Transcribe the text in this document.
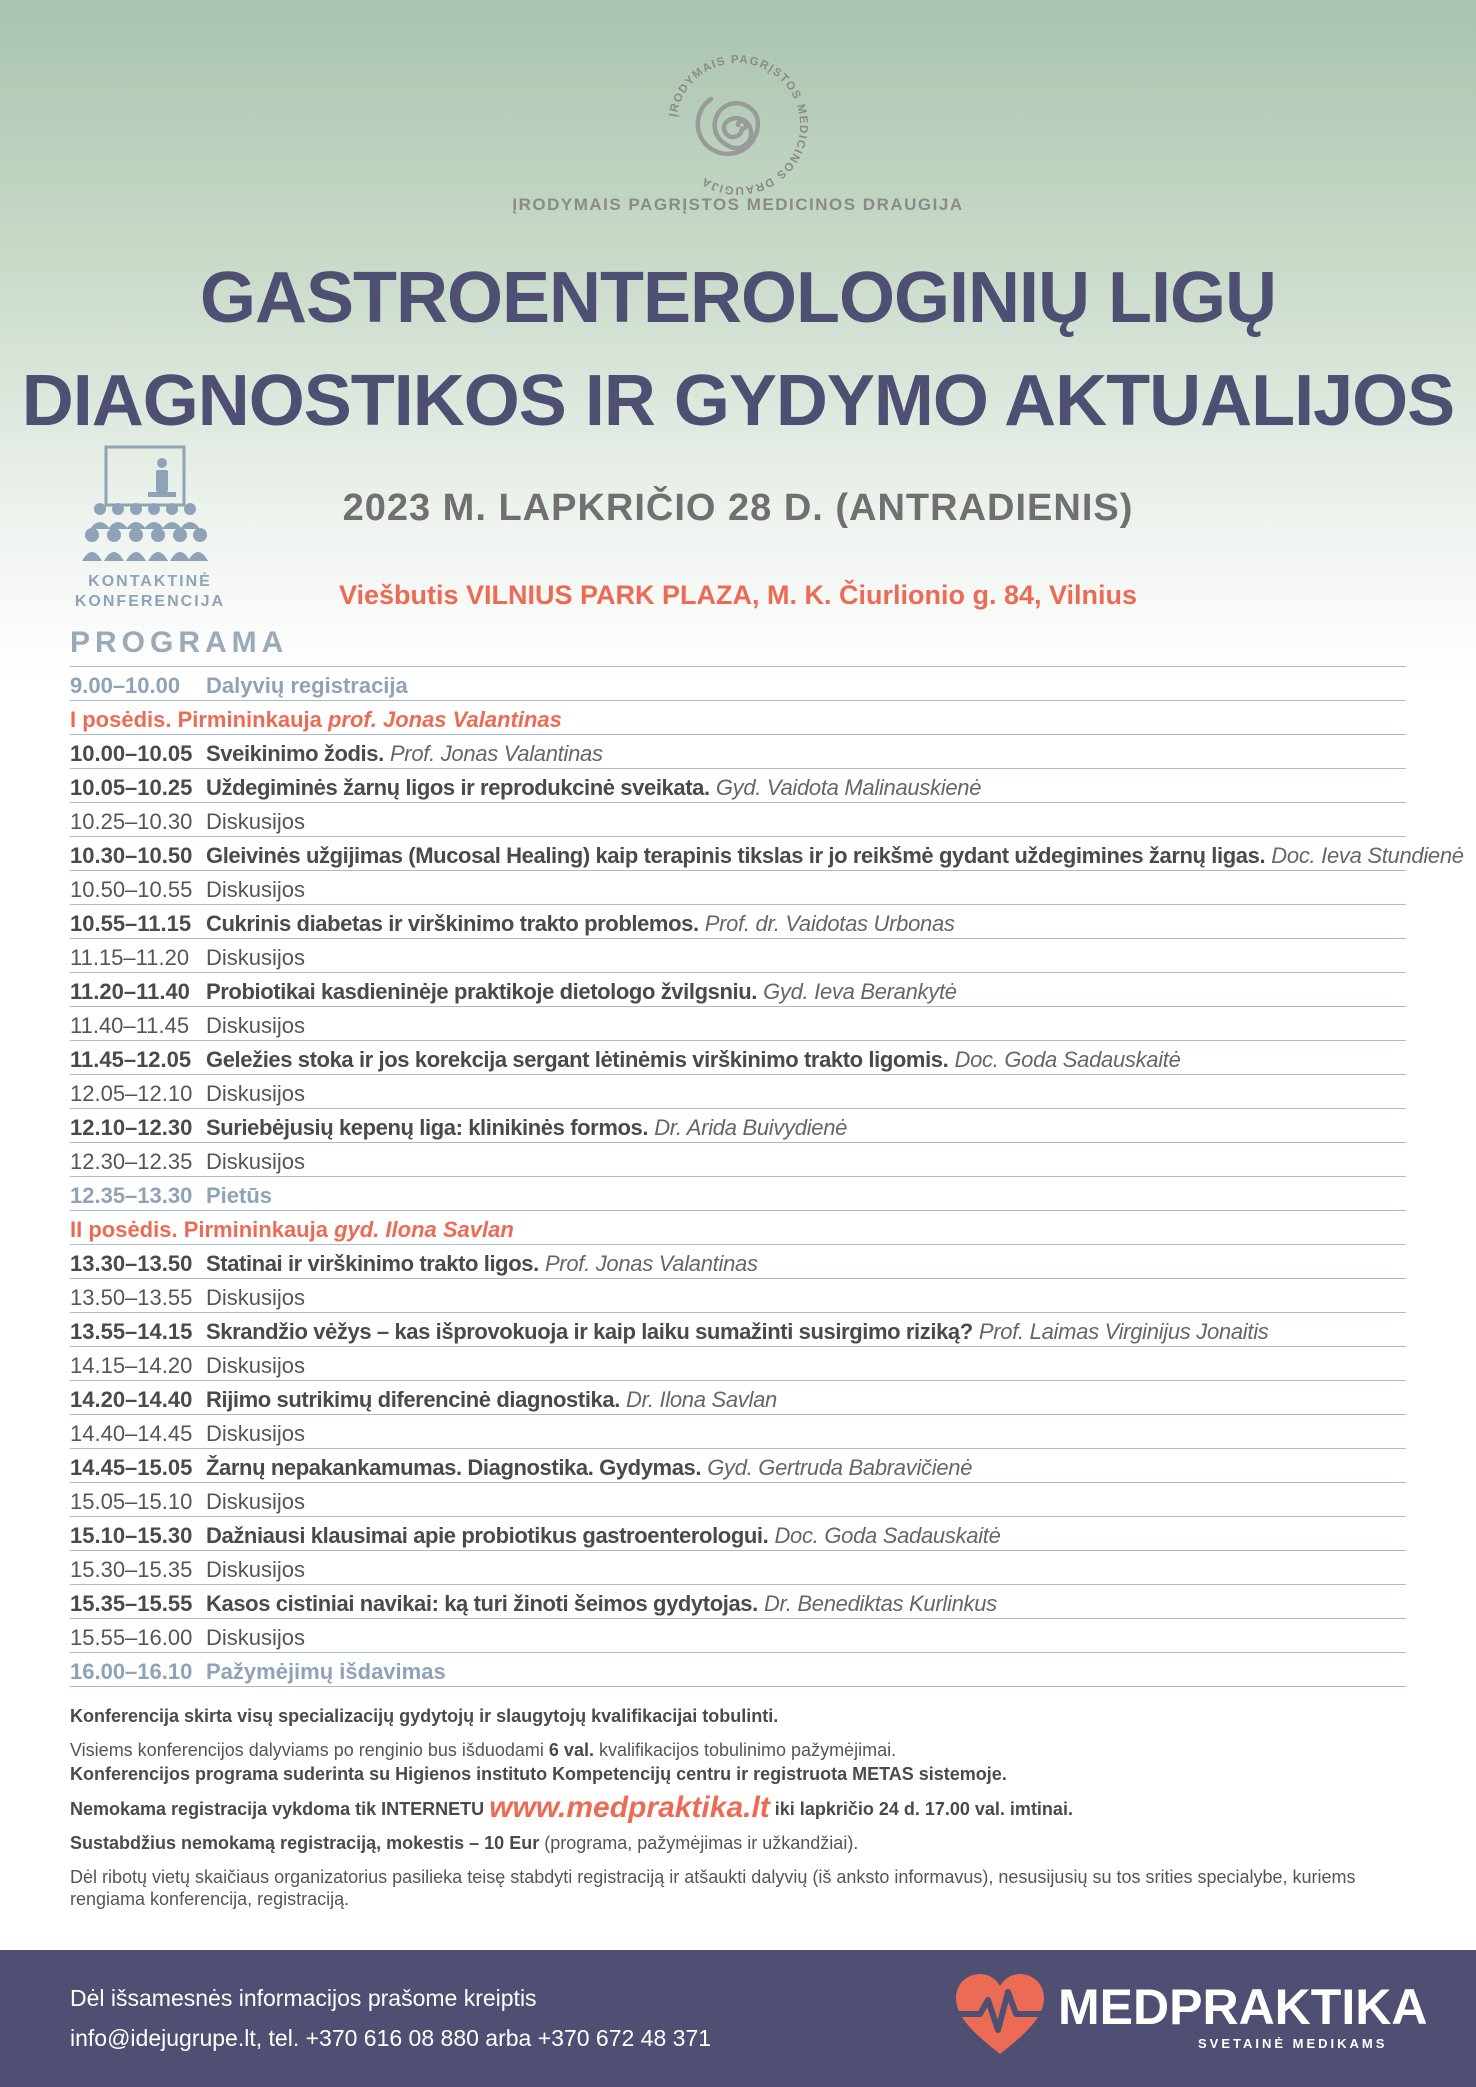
ĮRODYMAIS PAGRĮSTOS MEDICINOS DRAUGIJA
ĮRODYMAIS PAGRĮSTOS MEDICINOS DRAUGIJA
GASTROENTEROLOGINIŲ LIGŲ
DIAGNOSTIKOS IR GYDYMO AKTUALIJOS
2023 M. LAPKRIČIO 28 D. (ANTRADIENIS)
Viešbutis VILNIUS PARK PLAZA, M. K. Čiurlionio g. 84, Vilnius
KONTAKTINĖ
KONFERENCIJA
PROGRAMA
9.00–10.00	Dalyvių registracija
I posėdis. Pirmininkauja prof. Jonas Valantinas
10.00–10.05 Sveikinimo žodis. Prof. Jonas Valantinas
10.05–10.25 Uždegiminės žarnų ligos ir reprodukcinė sveikata. Gyd. Vaidota Malinauskienė
10.25–10.30 Diskusijos
10.30–10.50 Gleivinės užgijimas (Mucosal Healing) kaip terapinis tikslas ir jo reikšmė gydant uždegimines žarnų ligas. Doc. Ieva Stundienė
10.50–10.55 Diskusijos
10.55–11.15 Cukrinis diabetas ir virškinimo trakto problemos. Prof. dr. Vaidotas Urbonas
11.15–11.20 Diskusijos
11.20–11.40 Probiotikai kasdieninėje praktikoje dietologo žvilgsniu. Gyd. Ieva Berankytė
11.40–11.45 Diskusijos
11.45–12.05 Geležies stoka ir jos korekcija sergant lėtinėmis virškinimo trakto ligomis. Doc. Goda Sadauskaitė
12.05–12.10 Diskusijos
12.10–12.30 Suriebėjusių kepenų liga: klinikinės formos. Dr. Arida Buivydienė
12.30–12.35 Diskusijos
12.35–13.30 Pietūs
II posėdis. Pirmininkauja gyd. Ilona Savlan
13.30–13.50 Statinai ir virškinimo trakto ligos. Prof. Jonas Valantinas
13.50–13.55 Diskusijos
13.55–14.15 Skrandžio vėžys – kas išprovokuoja ir kaip laiku sumažinti susirgimo riziką? Prof. Laimas Virginijus Jonaitis
14.15–14.20 Diskusijos
14.20–14.40 Rijimo sutrikimų diferencinė diagnostika. Dr. Ilona Savlan
14.40–14.45 Diskusijos
14.45–15.05 Žarnų nepakankamumas. Diagnostika. Gydymas. Gyd. Gertruda Babravičienė
15.05–15.10 Diskusijos
15.10–15.30 Dažniausi klausimai apie probiotikus gastroenterologui. Doc. Goda Sadauskaitė
15.30–15.35 Diskusijos
15.35–15.55 Kasos cistiniai navikai: ką turi žinoti šeimos gydytojas. Dr. Benediktas Kurlinkus
15.55–16.00 Diskusijos
16.00–16.10 Pažymėjimų išdavimas

Konferencija skirta visų specializacijų gydytojų ir slaugytojų kvalifikacijai tobulinti.

Visiems konferencijos dalyviams po renginio bus išduodami 6 val. kvalifikacijos tobulinimo pažymėjimai.

Konferencijos programa suderinta su Higienos instituto Kompetencijų centru ir registruota METAS sistemoje.

Nemokama registracija vykdoma tik INTERNETU www.medpraktika.lt iki lapkričio 24 d. 17.00 val. imtinai.

Sustabdžius nemokamą registraciją, mokestis – 10 Eur (programa, pažymėjimas ir užkandžiai).

Dėl ribotų vietų skaičiaus organizatorius pasilieka teisę stabdyti registraciją ir atšaukti dalyvių (iš anksto informavus), nesusijusių su tos srities specialybe, kuriems rengiama konferencija, registraciją.

Dėl išsamesnės informacijos prašome kreiptis
info@idejugrupe.lt, tel. +370 616 08 880 arba +370 672 48 371
MEDPRAKTIKA
SVETAINĖ MEDIKAMS
